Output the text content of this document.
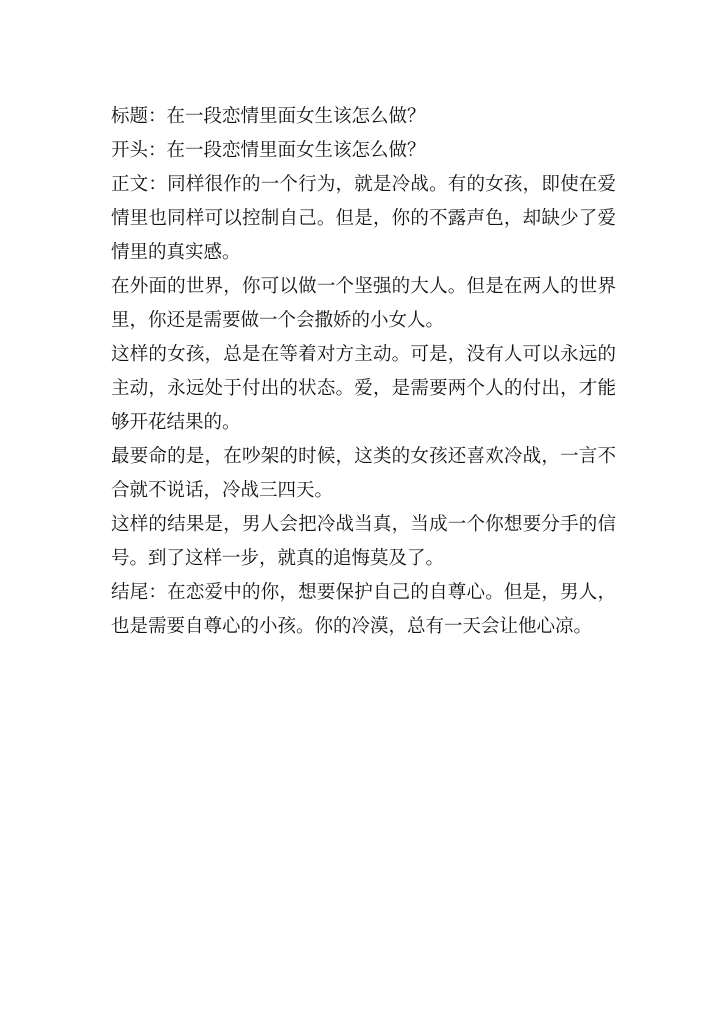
标题：在一段恋情里面女生该怎么做？

开头：在一段恋情里面女生该怎么做？

正文：同样很作的一个行为，就是冷战。有的女孩，即使在爱情里也同样可以控制自己。但是，你的不露声色，却缺少了爱情里的真实感。

在外面的世界，你可以做一个坚强的大人。但是在两人的世界里，你还是需要做一个会撒娇的小女人。

这样的女孩，总是在等着对方主动。可是，没有人可以永远的主动，永远处于付出的状态。爱，是需要两个人的付出，才能够开花结果的。

最要命的是，在吵架的时候，这类的女孩还喜欢冷战，一言不合就不说话，冷战三四天。

这样的结果是，男人会把冷战当真，当成一个你想要分手的信号。到了这样一步，就真的追悔莫及了。

结尾：在恋爱中的你，想要保护自己的自尊心。但是，男人，也是需要自尊心的小孩。你的冷漠，总有一天会让他心凉。
